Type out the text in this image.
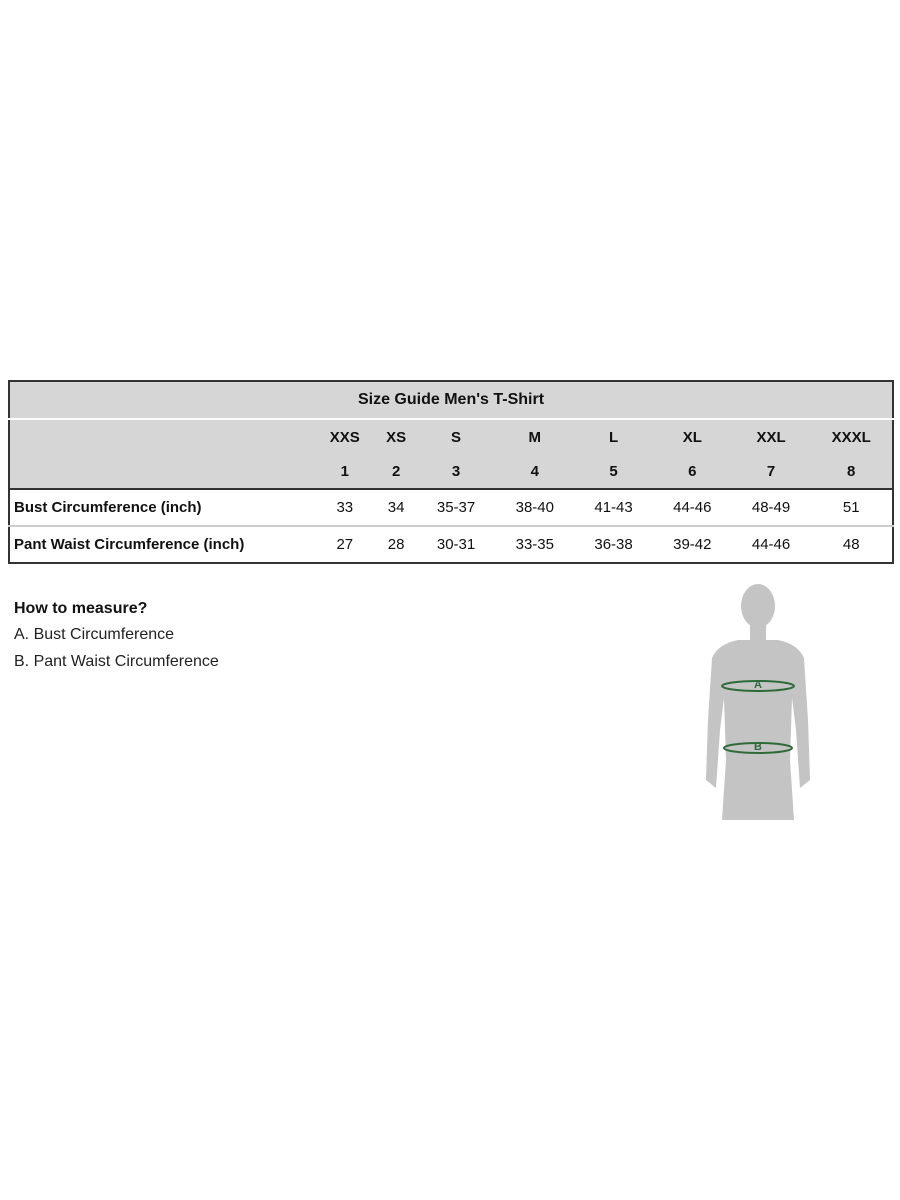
Size Guide Men's T-Shirt								
	XXS	XS	S	M	L	XL	XXL	XXXL
	1	2	3	4	5	6	7	8
Bust Circumference (inch)	33	34	35-37	38-40	41-43	44-46	48-49	51
Pant Waist Circumference (inch)	27	28	30-31	33-35	36-38	39-42	44-46	48
How to measure?
A. Bust Circumference
B. Pant Waist Circumference
A
B
